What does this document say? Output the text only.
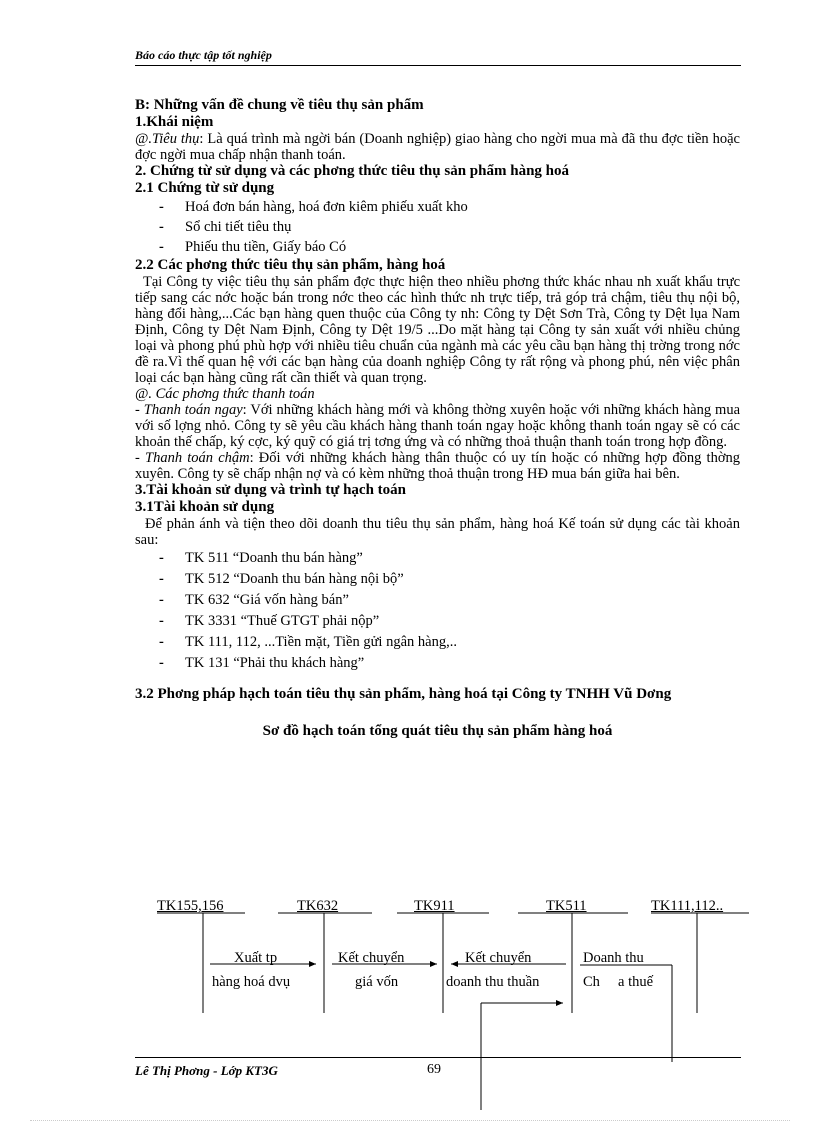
Báo cáo thực tập tốt nghiệp

B: Những vấn đề chung về tiêu thụ sản phẩm

1.Khái niệm

@.Tiêu thụ: Là quá trình mà ngời bán (Doanh nghiệp) giao hàng cho ngời mua mà đã thu đợc tiền hoặc đợc ngời mua chấp nhận thanh toán.

2. Chứng từ sử dụng và các phơng thức tiêu thụ sản phẩm hàng hoá

2.1 Chứng từ sử dụng

- Hoá đơn bán hàng, hoá đơn kiêm phiếu xuất kho
- Sổ chi tiết tiêu thụ
- Phiếu thu tiền, Giấy báo Có

2.2 Các phơng thức tiêu thụ sản phẩm, hàng hoá

Tại Công ty việc tiêu thụ sản phẩm đợc thực hiện theo nhiều phơng thức khác nhau nh xuất khẩu trực tiếp sang các nớc hoặc bán trong nớc theo các hình thức nh trực tiếp, trả góp trả chậm, tiêu thụ nội bộ, hàng đổi hàng,...Các bạn hàng quen thuộc của Công ty nh: Công ty Dệt Sơn Trà, Công ty Dệt lụa Nam Định, Công ty Dệt Nam Định, Công ty Dệt 19/5 ...Do mặt hàng tại Công ty sản xuất với nhiều chủng loại và phong phú phù hợp với nhiều tiêu chuẩn của ngành mà các yêu cầu bạn hàng thị trờng trong nớc đề ra.Vì thế quan hệ với các bạn hàng của doanh nghiệp Công ty rất rộng và phong phú, nên việc phân loại các bạn hàng cũng rất cần thiết và quan trọng.

@. Các phơng thức thanh toán

- Thanh toán ngay: Với những khách hàng mới và không thờng xuyên hoặc với những khách hàng mua với số lợng nhỏ. Công ty sẽ yêu cầu khách hàng thanh toán ngay hoặc không thanh toán ngay sẽ có các khoản thế chấp, ký cợc, ký quỹ có giá trị tơng ứng và có những thoả thuận thanh toán trong hợp đồng.

- Thanh toán chậm: Đối với những khách hàng thân thuộc có uy tín hoặc có những hợp đồng thờng xuyên. Công ty sẽ chấp nhận nợ và có kèm những thoả thuận trong HĐ mua bán giữa hai bên.

3.Tài khoản sử dụng và trình tự hạch toán

3.1Tài khoản sử dụng

Để phản ánh và tiện theo dõi doanh thu tiêu thụ sản phẩm, hàng hoá Kế toán sử dụng các tài khoản sau:

- TK 511 “Doanh thu bán hàng”
- TK 512 “Doanh thu bán hàng nội bộ”
- TK 632 “Giá vốn hàng bán”
- TK 3331 “Thuế GTGT phải nộp”
- TK 111, 112, ...Tiền mặt, Tiền gửi ngân hàng,..
- TK 131 “Phải thu khách hàng”

3.2 Phơng pháp hạch toán tiêu thụ sản phẩm, hàng hoá tại Công ty TNHH Vũ Dơng

Sơ đồ hạch toán tổng quát tiêu thụ sản phẩm hàng hoá
TK155,156	TK632	TK911	TK511	TK111,112..
Xuất tp
hàng hoá dvụ
Kết chuyển
giá vốn
Kết chuyển
doanh thu thuần
Doanh thu
Ch     a thuế
Lê Thị Phơng - Lớp KT3G	69
